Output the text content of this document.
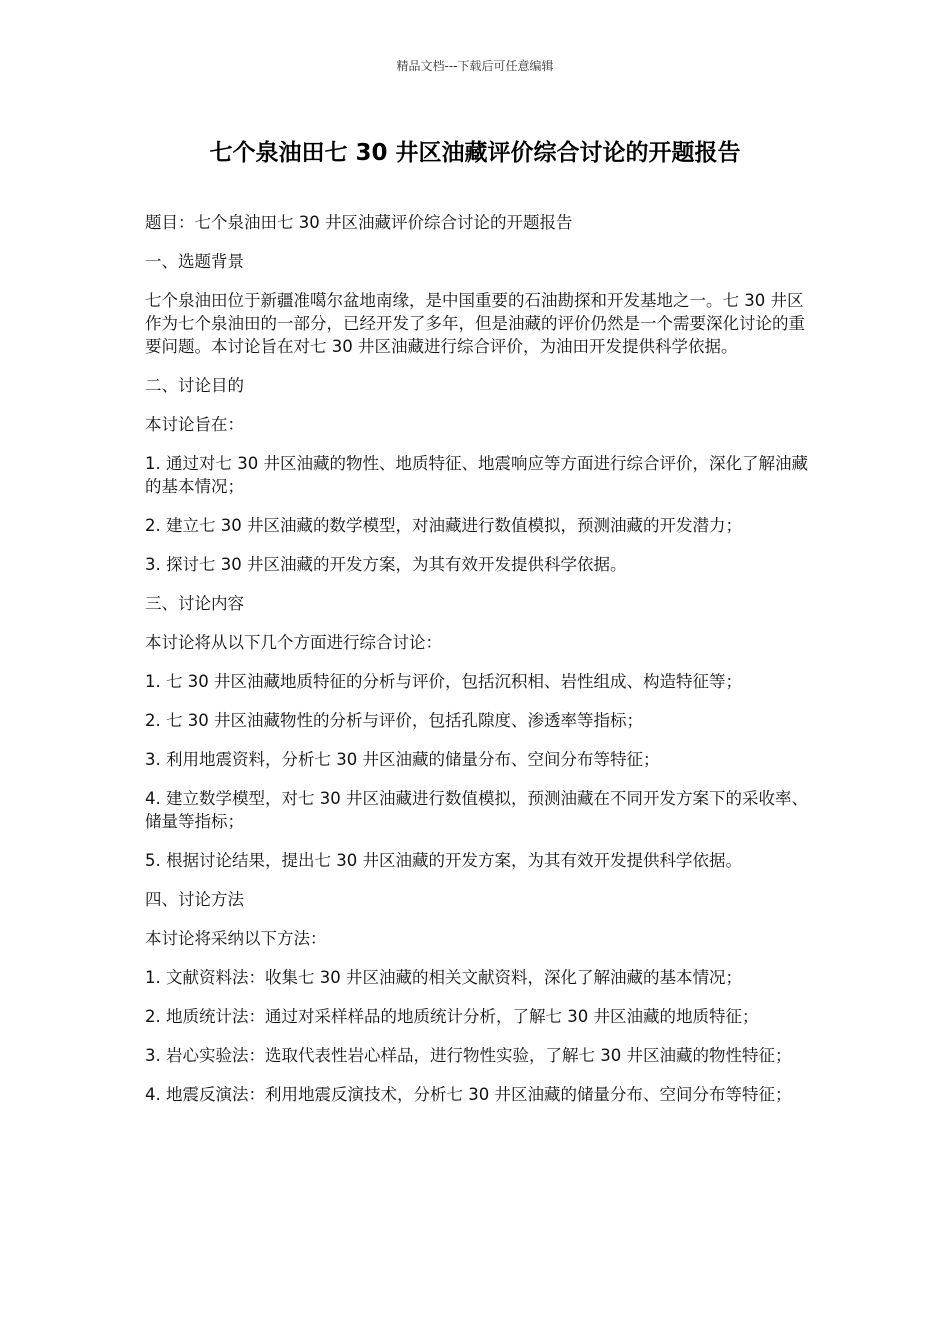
精品文档---下载后可任意编辑
七个泉油田七 30 井区油藏评价综合讨论的开题报告

题目：七个泉油田七 30 井区油藏评价综合讨论的开题报告

一、选题背景

七个泉油田位于新疆准噶尔盆地南缘，是中国重要的石油勘探和开发基地之一。七 30 井区作为七个泉油田的一部分，已经开发了多年，但是油藏的评价仍然是一个需要深化讨论的重要问题。本讨论旨在对七 30 井区油藏进行综合评价，为油田开发提供科学依据。

二、讨论目的

本讨论旨在：

1. 通过对七 30 井区油藏的物性、地质特征、地震响应等方面进行综合评价，深化了解油藏的基本情况；

2. 建立七 30 井区油藏的数学模型，对油藏进行数值模拟，预测油藏的开发潜力；

3. 探讨七 30 井区油藏的开发方案，为其有效开发提供科学依据。

三、讨论内容

本讨论将从以下几个方面进行综合讨论：

1. 七 30 井区油藏地质特征的分析与评价，包括沉积相、岩性组成、构造特征等；

2. 七 30 井区油藏物性的分析与评价，包括孔隙度、渗透率等指标；

3. 利用地震资料，分析七 30 井区油藏的储量分布、空间分布等特征；

4. 建立数学模型，对七 30 井区油藏进行数值模拟，预测油藏在不同开发方案下的采收率、储量等指标；

5. 根据讨论结果，提出七 30 井区油藏的开发方案，为其有效开发提供科学依据。

四、讨论方法

本讨论将采纳以下方法：

1. 文献资料法：收集七 30 井区油藏的相关文献资料，深化了解油藏的基本情况；

2. 地质统计法：通过对采样样品的地质统计分析，了解七 30 井区油藏的地质特征；

3. 岩心实验法：选取代表性岩心样品，进行物性实验，了解七 30 井区油藏的物性特征；

4. 地震反演法：利用地震反演技术，分析七 30 井区油藏的储量分布、空间分布等特征；
